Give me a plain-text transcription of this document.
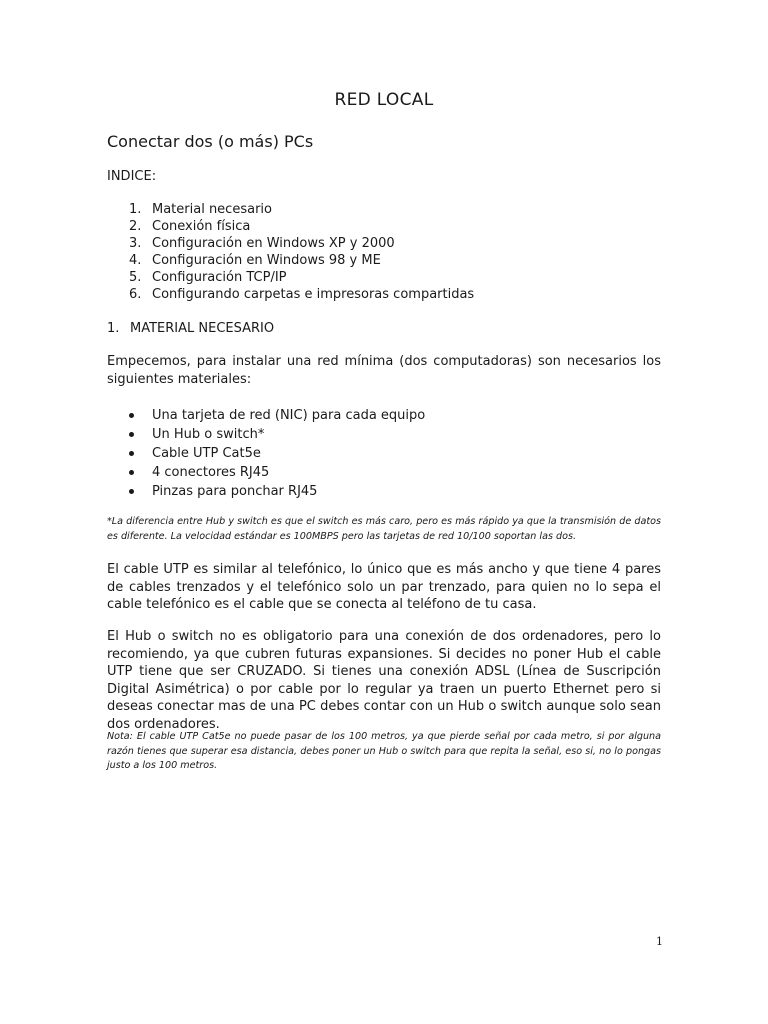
RED LOCAL
Conectar dos (o más) PCs

INDICE:

1. Material necesario
2. Conexión física
3. Configuración en Windows XP y 2000
4. Configuración en Windows 98 y ME
5. Configuración TCP/IP
6. Configurando carpetas e impresoras compartidas
1. MATERIAL NECESARIO

Empecemos, para instalar una red mínima (dos computadoras) son necesarios los siguientes materiales:

Una tarjeta de red (NIC) para cada equipo
Un Hub o switch*
Cable UTP Cat5e
4 conectores RJ45
Pinzas para ponchar RJ45

*La diferencia entre Hub y switch es que el switch es más caro, pero es más rápido ya que la transmisión de datos es diferente. La velocidad estándar es 100MBPS pero las tarjetas de red 10/100 soportan las dos.

El cable UTP es similar al telefónico, lo único que es más ancho y que tiene 4 pares de cables trenzados y el telefónico solo un par trenzado, para quien no lo sepa el cable telefónico es el cable que se conecta al teléfono de tu casa.

El Hub o switch no es obligatorio para una conexión de dos ordenadores, pero lo recomiendo, ya que cubren futuras expansiones. Si decides no poner Hub el cable UTP tiene que ser CRUZADO. Si tienes una conexión ADSL (Línea de Suscripción Digital Asimétrica) o por cable por lo regular ya traen un puerto Ethernet pero si deseas conectar mas de una PC debes contar con un Hub o switch aunque solo sean dos ordenadores.

Nota: El cable UTP Cat5e no puede pasar de los 100 metros, ya que pierde señal por cada metro, si por alguna razón tienes que superar esa distancia, debes poner un Hub o switch para que repita la señal, eso si, no lo pongas justo a los 100 metros.

1
